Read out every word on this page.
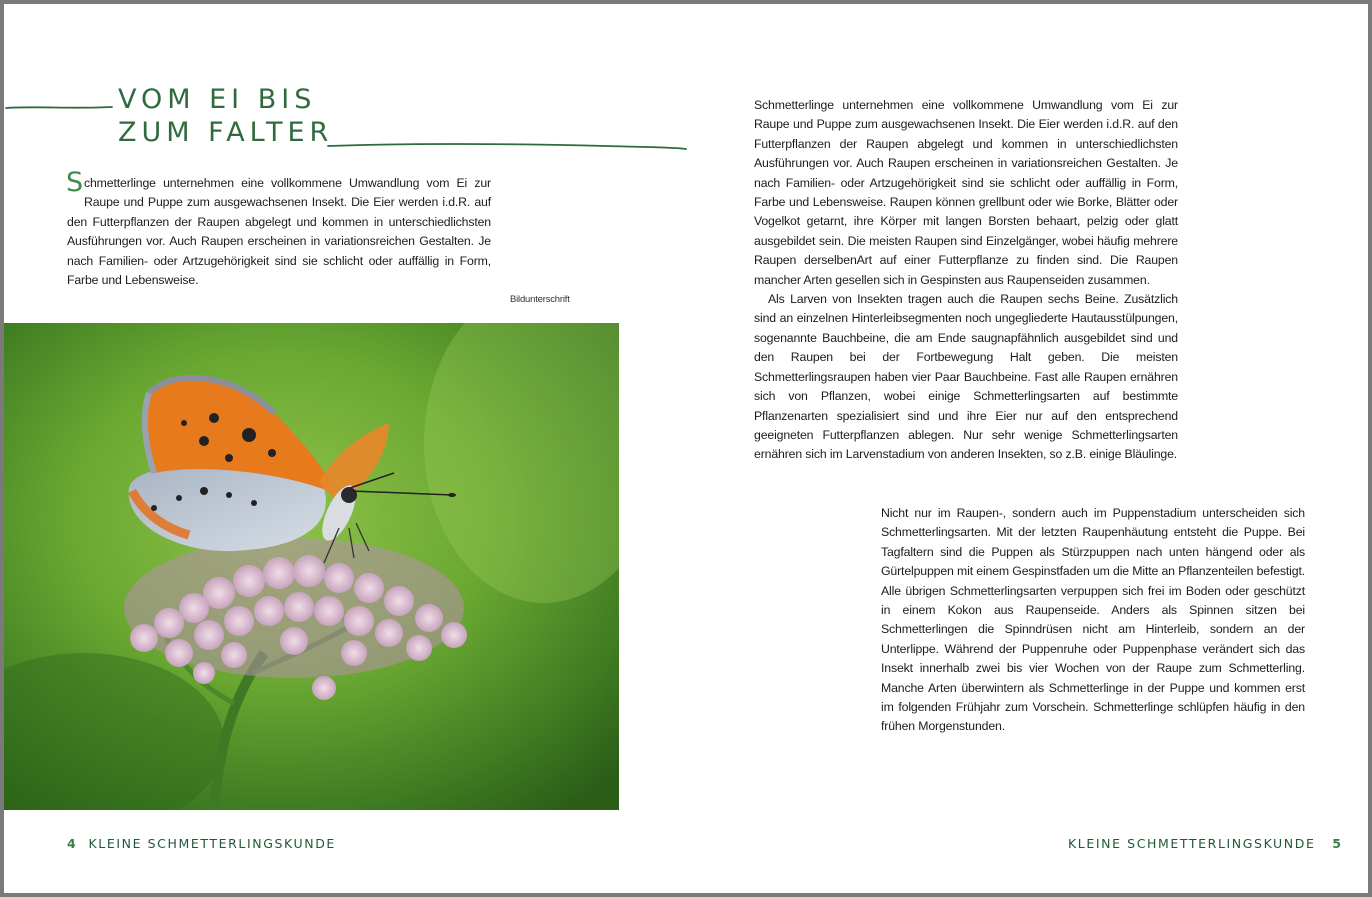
VOM EI BIS
ZUM FALTER

Schmetterlinge unternehmen eine vollkommene Umwandlung vom Ei zur Raupe und Puppe zum ausgewachsenen Insekt. Die Eier werden i.d.R. auf den Futterpflanzen der Raupen abgelegt und kommen in unterschiedlichsten Ausführungen vor. Auch Raupen erscheinen in variationsreichen Gestalten. Je nach Familien- oder Artzugehörigkeit sind sie schlicht oder auffällig in Form, Farbe und Lebensweise.

Bildunterschrift

Schmetterlinge unternehmen eine vollkommene Umwandlung vom Ei zur Raupe und Puppe zum ausgewachsenen Insekt. Die Eier werden i.d.R. auf den Futterpflanzen der Raupen abgelegt und kommen in unterschiedlichsten Ausführungen vor. Auch Raupen erscheinen in variationsreichen Gestalten. Je nach Familien- oder Artzugehörigkeit sind sie schlicht oder auffällig in Form, Farbe und Lebensweise. Raupen können grellbunt oder wie Borke, Blätter oder Vogelkot getarnt, ihre Körper mit langen Borsten behaart, pelzig oder glatt ausgebildet sein. Die meisten Raupen sind Einzelgänger, wobei häufig mehrere Raupen derselbenArt auf einer Futterpflanze zu finden sind. Die Raupen mancher Arten gesellen sich in Gespinsten aus Raupenseiden zusammen.

Als Larven von Insekten tragen auch die Raupen sechs Beine. Zusätzlich sind an einzelnen Hinterleibsegmenten noch ungegliederte Hautausstülpungen, sogenannte Bauchbeine, die am Ende saugnapfähnlich ausgebildet sind und den Raupen bei der Fortbewegung Halt geben. Die meisten Schmetterlingsraupen haben vier Paar Bauchbeine. Fast alle Raupen ernähren sich von Pflanzen, wobei einige Schmetterlingsarten auf bestimmte Pflanzenarten spezialisiert sind und ihre Eier nur auf den entsprechend geeigneten Futterpflanzen ablegen. Nur sehr wenige Schmetterlingsarten ernähren sich im Larvenstadium von anderen Insekten, so z.B. einige Bläulinge.

Nicht nur im Raupen-, sondern auch im Puppenstadium unterscheiden sich Schmetterlingsarten. Mit der letzten Raupenhäutung entsteht die Puppe. Bei Tagfaltern sind die Puppen als Stürzpuppen nach unten hängend oder als Gürtelpuppen mit einem Gespinstfaden um die Mitte an Pflanzenteilen befestigt. Alle übrigen Schmetterlingsarten verpuppen sich frei im Boden oder geschützt in einem Kokon aus Raupenseide. Anders als Spinnen sitzen bei Schmetterlingen die Spinndrüsen nicht am Hinterleib, sondern an der Unterlippe. Während der Puppenruhe oder Puppenphase verändert sich das Insekt innerhalb zwei bis vier Wochen von der Raupe zum Schmetterling. Manche Arten überwintern als Schmetterlinge in der Puppe und kommen erst im folgenden Frühjahr zum Vorschein. Schmetterlinge schlüpfen häufig in den frühen Morgenstunden.

4 KLEINE SCHMETTERLINGSKUNDE	KLEINE SCHMETTERLINGSKUNDE 5
